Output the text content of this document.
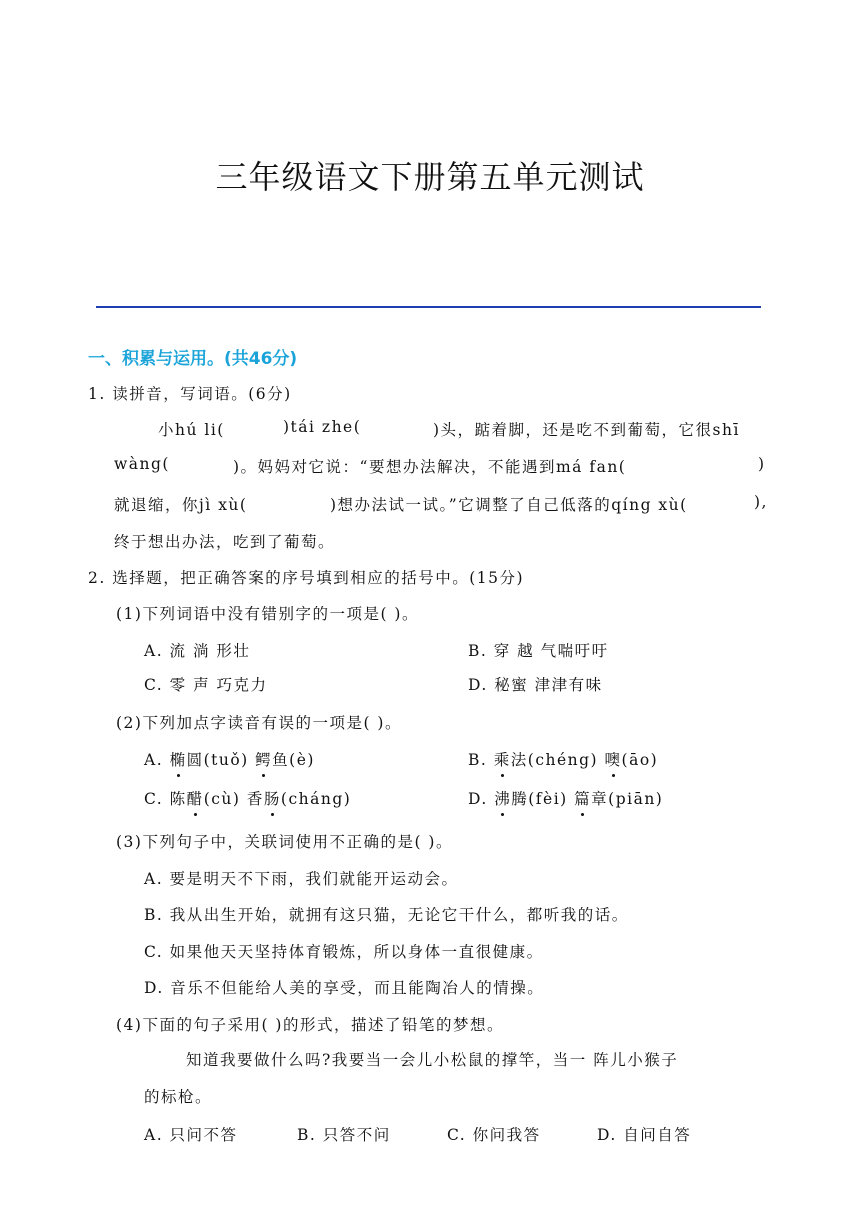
三年级语文下册第五单元测试
一、积累与运用。(共46分)
1. 读拼音，写词语。(6分)
小hú li(	)tái zhe(	)头，踮着脚，还是吃不到葡萄，它很shī
wàng(	)。妈妈对它说：“要想办法解决，不能遇到má fan(	)
就退缩，你jì xù(	)想办法试一试。”它调整了自己低落的qíng xù(	),
终于想出办法，吃到了葡萄。
2. 选择题，把正确答案的序号填到相应的括号中。(15分)
(1)下列词语中没有错别字的一项是( )。
A. 流 淌 形壮	B. 穿 越 气喘吁吁
C. 零 声 巧克力	D. 秘蜜 津津有味
(2)下列加点字读音有误的一项是( )。
A. 椭圆(tuǒ) 鳄鱼(è)	B. 乘法(chéng) 噢(āo)
C. 陈醋(cù) 香肠(cháng)	D. 沸腾(fèi) 篇章(piān)
(3)下列句子中，关联词使用不正确的是( )。
A. 要是明天不下雨，我们就能开运动会。
B. 我从出生开始，就拥有这只猫，无论它干什么，都听我的话。
C. 如果他天天坚持体育锻炼，所以身体一直很健康。
D. 音乐不但能给人美的享受，而且能陶冶人的情操。
(4)下面的句子采用( )的形式，描述了铅笔的梦想。
知道我要做什么吗?我要当一会儿小松鼠的撑竿，当一 阵儿小猴子
的标枪。
A. 只问不答	B. 只答不问	C. 你问我答	D. 自问自答
